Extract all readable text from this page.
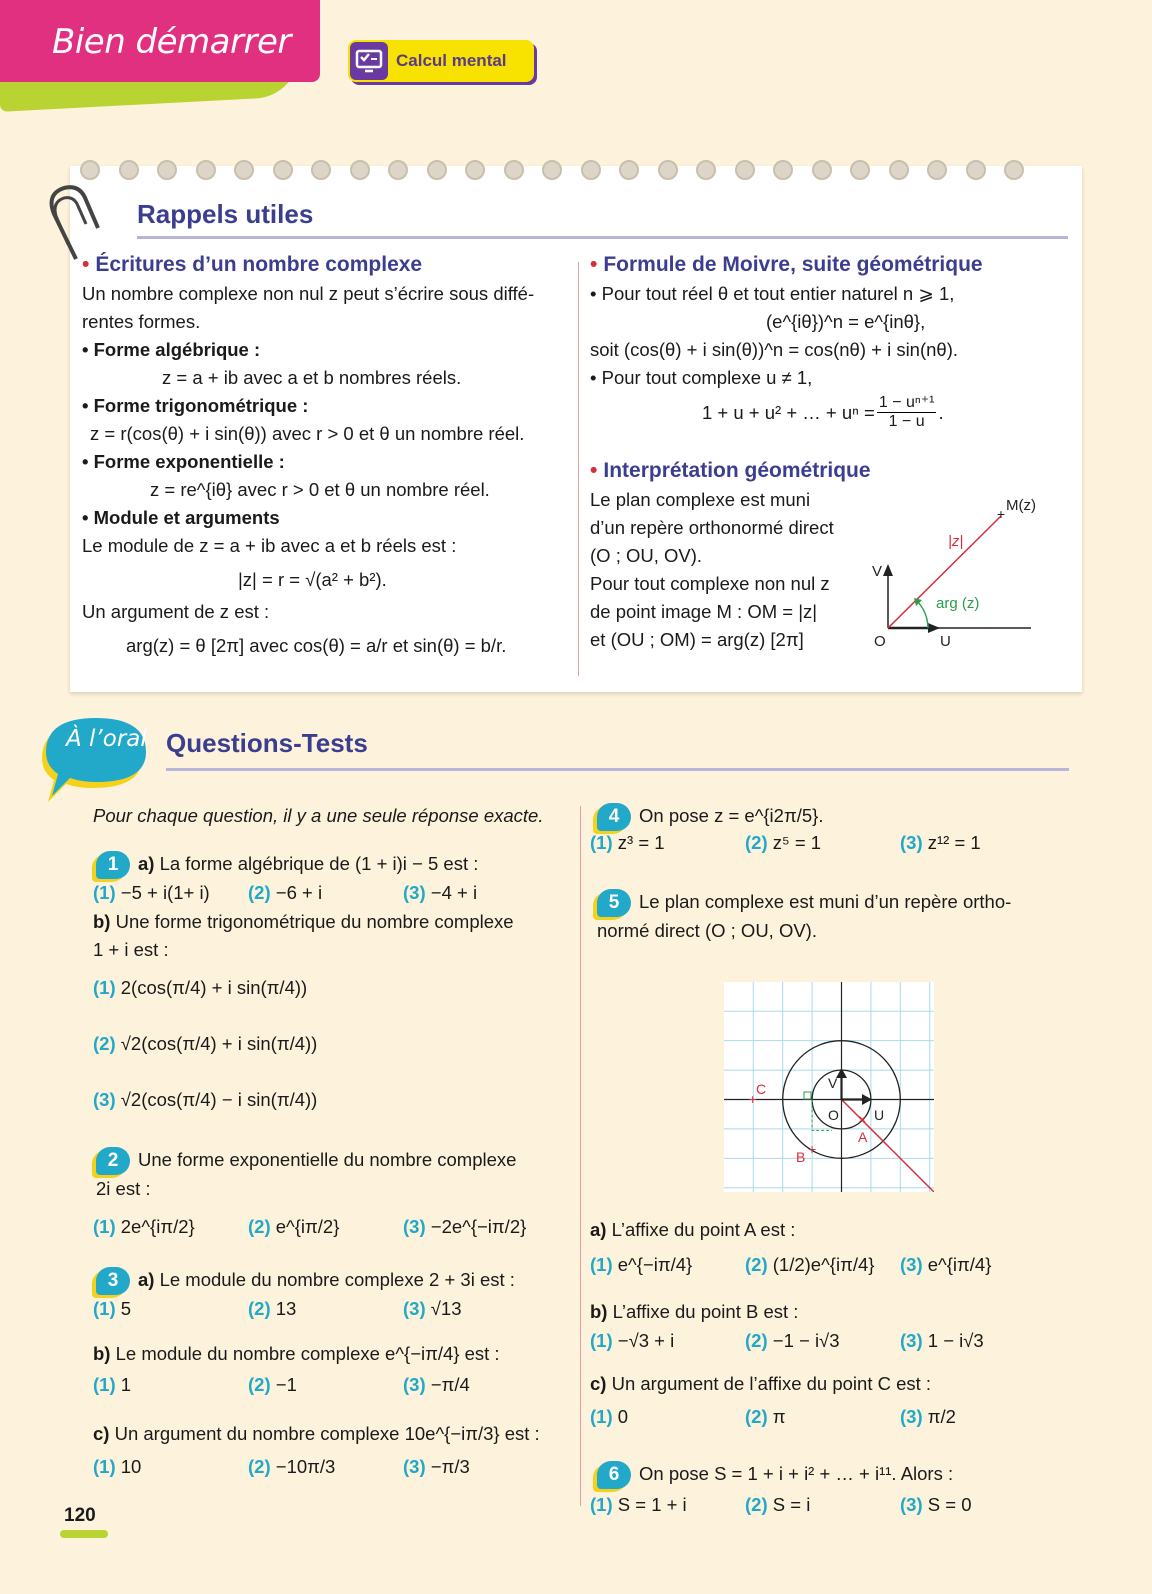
Bien démarrer	Calcul mental
Rappels utiles
• Écritures d’un nombre complexe
Un nombre complexe non nul z peut s’écrire sous diffé-
rentes formes.
• Forme algébrique :
z = a + ib avec a et b nombres réels.
• Forme trigonométrique :
z = r(cos(θ) + i sin(θ)) avec r > 0 et θ un nombre réel.
• Forme exponentielle :
z = re^{iθ} avec r > 0 et θ un nombre réel.
• Module et arguments
Le module de z = a + ib avec a et b réels est :
|z| = r = √(a² + b²).
Un argument de z est :
arg(z) = θ [2π] avec cos(θ) = a/r et sin(θ) = b/r.
• Formule de Moivre, suite géométrique
• Pour tout réel θ et tout entier naturel n ⩾ 1,
(e^{iθ})^n = e^{inθ},
soit (cos(θ) + i sin(θ))^n = cos(nθ) + i sin(nθ).
• Pour tout complexe u ≠ 1,
1 + u + u² + … + $u^n = \frac{\text{1 − uⁿ⁺¹}}{1 - u}$ .
• Interprétation géométrique
Le plan complexe est muni
d’un repère orthonormé direct
(O ; OU, OV).
Pour tout complexe non nul z
de point image M : OM = |z|
et (OU ; OM) = arg(z) [2π]
+ M(z)
|z|
V
O	U
arg (z)
À l’oral Questions-Tests
Pour chaque question, il y a une seule réponse exacte.
1 a) La forme algébrique de (1 + i)i − 5 est :
(1) −5 + i(1+ i)	(2) −6 + i	(3) −4 + i
b) Une forme trigonométrique du nombre complexe
1 + i est :
(1) 2(cos(π/4) + i sin(π/4))
(2) √2(cos(π/4) + i sin(π/4))
(3) √2(cos(π/4) − i sin(π/4))
2 Une forme exponentielle du nombre complexe
2i est :
(1) 2e^{iπ/2}	(2) e^{iπ/2}	(3) −2e^{−iπ/2}
3 a) Le module du nombre complexe 2 + 3i est :
(1) 5	(2) 13	(3) √13
b) Le module du nombre complexe e^{−iπ/4} est :
(1) 1	(2) −1	(3) −π/4
c) Un argument du nombre complexe 10e^{−iπ/3} est :
(1) 10	(2) −10π/3	(3) −π/3
4 On pose z = e^{i2π/5}.
(1) z³ = 1	(2) z⁵ = 1	(3) z¹² = 1
5 Le plan complexe est muni d’un repère ortho-
normé direct (O ; OU, OV).
×
+
+
V
O	U
A
B
C
a) L’affixe du point A est :
(1) e^{−iπ/4}	(2) (1/2)e^{iπ/4}	(3) e^{iπ/4}
b) L’affixe du point B est :
(1) −√3 + i	(2) −1 − i√3	(3) 1 − i√3
c) Un argument de l’affixe du point C est :
(1) 0	(2) π	(3) π/2
6 On pose S = 1 + i + i² + … + i¹¹. Alors :
(1) S = 1 + i	(2) S = i	(3) S = 0
120
